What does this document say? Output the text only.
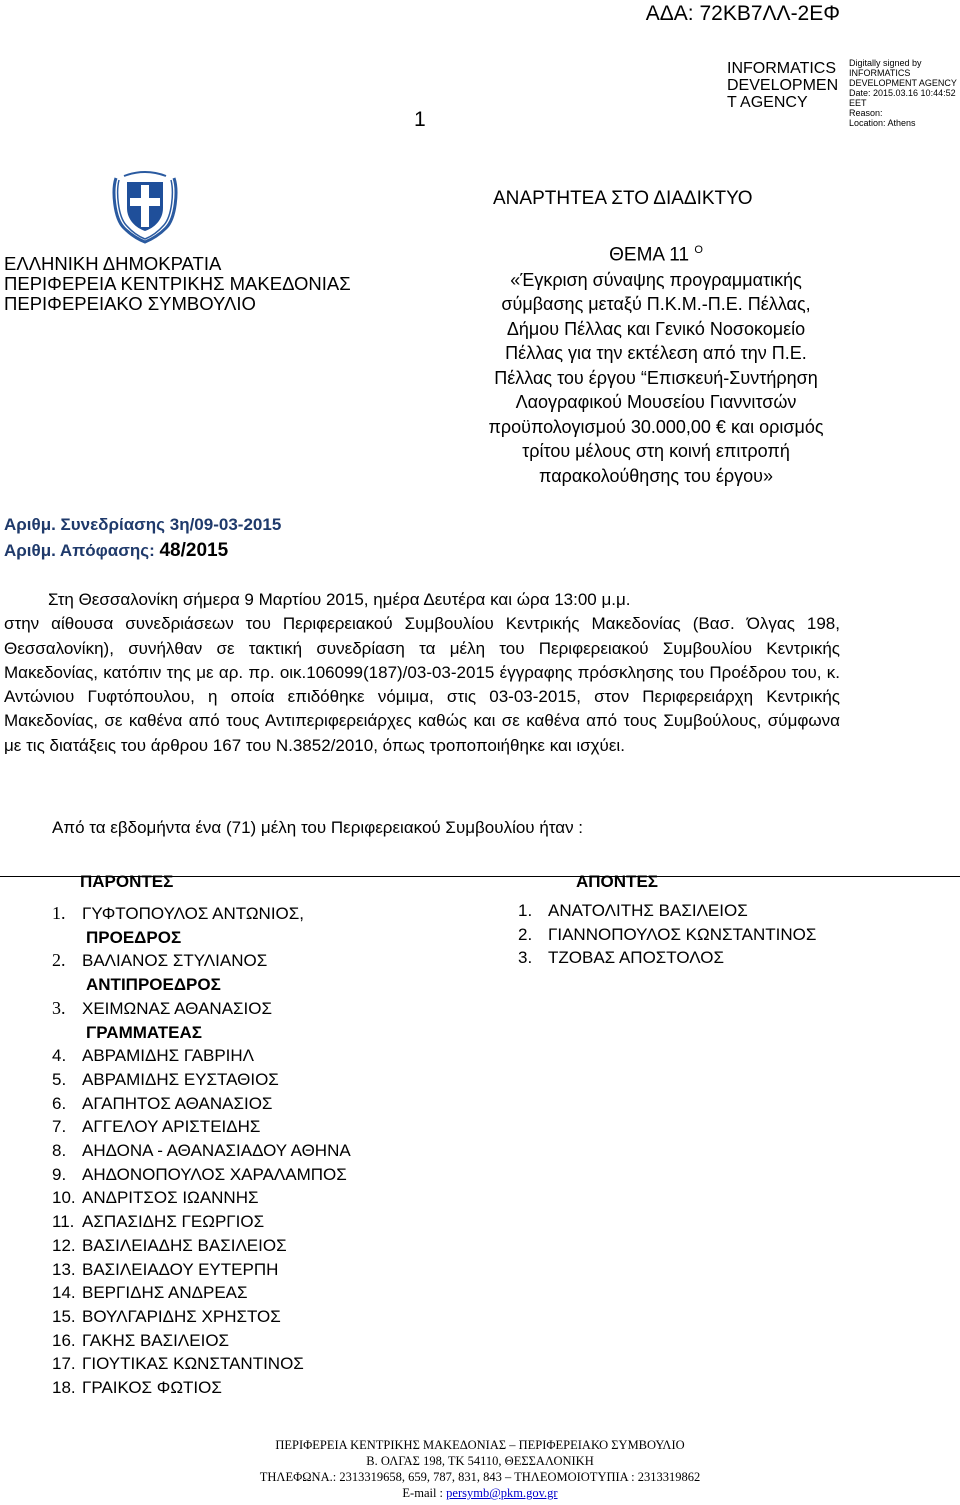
ΑΔΑ: 72ΚΒ7ΛΛ-2ΕΦ
1
INFORMATICS DEVELOPMEN T AGENCY
Digitally signed by
INFORMATICS
DEVELOPMENT AGENCY
Date: 2015.03.16 10:44:52
EET
Reason:
Location: Athens
ΕΛΛΗΝΙΚΗ ΔΗΜΟΚΡΑΤΙΑ
ΠΕΡΙΦΕΡΕΙΑ ΚΕΝΤΡΙΚΗΣ ΜΑΚΕΔΟΝΙΑΣ
ΠΕΡΙΦΕΡΕΙΑΚΟ ΣΥΜΒΟΥΛΙΟ
ΑΝΑΡΤΗΤΕΑ ΣΤΟ ΔΙΑΔΙΚΤΥΟ
ΘΕΜΑ 11 $^O$
«Έγκριση σύναψης προγραμματικής
σύμβασης μεταξύ Π.Κ.Μ.-Π.Ε. Πέλλας,
Δήμου Πέλλας και Γενικό Νοσοκομείο
Πέλλας για την εκτέλεση από την Π.Ε.
Πέλλας του έργου “Επισκευή-Συντήρηση
Λαογραφικού Μουσείου Γιαννιτσών
προϋπολογισμού 30.000,00 € και ορισμός
τρίτου μέλους στη κοινή επιτροπή
παρακολούθησης του έργου»
Αριθμ. Συνεδρίασης 3η/09-03-2015
Αριθμ. Απόφασης: 48/2015
Στη Θεσσαλονίκη σήμερα 9 Μαρτίου 2015, ημέρα Δευτέρα και ώρα 13:00 μ.μ.
στην αίθουσα συνεδριάσεων του Περιφερειακού Συμβουλίου Κεντρικής Μακεδονίας (Βασ. Όλγας 198, Θεσσαλονίκη), συνήλθαν σε τακτική συνεδρίαση τα μέλη του Περιφερειακού Συμβουλίου Κεντρικής Μακεδονίας, κατόπιν της με αρ. πρ. οικ.106099(187)/03-03-2015 έγγραφης πρόσκλησης του Προέδρου του, κ. Αντώνιου Γυφτόπουλου, η οποία επιδόθηκε νόμιμα, στις 03-03-2015, στον Περιφερειάρχη Κεντρικής Μακεδονίας, σε καθένα από τους Αντιπεριφερειάρχες καθώς και σε καθένα από τους Συμβούλους, σύμφωνα με τις διατάξεις του άρθρου 167 του Ν.3852/2010, όπως τροποποιήθηκε και ισχύει.
Από τα εβδομήντα ένα (71) μέλη του Περιφερειακού Συμβουλίου ήταν :
ΠΑΡΟΝΤΕΣ	ΑΠΟΝΤΕΣ
1. ΓΥΦΤΟΠΟΥΛΟΣ ΑΝΤΩΝΙΟΣ,
ΠΡΟΕΔΡΟΣ
2. ΒΑΛΙΑΝΟΣ ΣΤΥΛΙΑΝΟΣ
ΑΝΤΙΠΡΟΕΔΡΟΣ
3. ΧΕΙΜΩΝΑΣ ΑΘΑΝΑΣΙΟΣ
ΓΡΑΜΜΑΤΕΑΣ
4. ΑΒΡΑΜΙΔΗΣ ΓΑΒΡΙΗΛ
5. ΑΒΡΑΜΙΔΗΣ ΕΥΣΤΑΘΙΟΣ
6. ΑΓΑΠΗΤΟΣ ΑΘΑΝΑΣΙΟΣ
7. ΑΓΓΕΛΟΥ ΑΡΙΣΤΕΙΔΗΣ
8. ΑΗΔΟΝΑ - ΑΘΑΝΑΣΙΑΔΟΥ ΑΘΗΝΑ
9. ΑΗΔΟΝΟΠΟΥΛΟΣ ΧΑΡΑΛΑΜΠΟΣ
10. ΑΝΔΡΙΤΣΟΣ ΙΩΑΝΝΗΣ
11. ΑΣΠΑΣΙΔΗΣ ΓΕΩΡΓΙΟΣ
12. ΒΑΣΙΛΕΙΑΔΗΣ ΒΑΣΙΛΕΙΟΣ
13. ΒΑΣΙΛΕΙΑΔΟΥ ΕΥΤΕΡΠΗ
14. ΒΕΡΓΙΔΗΣ ΑΝΔΡΕΑΣ
15. ΒΟΥΛΓΑΡΙΔΗΣ ΧΡΗΣΤΟΣ
16. ΓΑΚΗΣ ΒΑΣΙΛΕΙΟΣ
17. ΓΙΟΥΤΙΚΑΣ ΚΩΝΣΤΑΝΤΙΝΟΣ
18. ΓΡΑΙΚΟΣ ΦΩΤΙΟΣ
1. ΑΝΑΤΟΛΙΤΗΣ ΒΑΣΙΛΕΙΟΣ
2. ΓΙΑΝΝΟΠΟΥΛΟΣ ΚΩΝΣΤΑΝΤΙΝΟΣ
3. ΤΖΟΒΑΣ ΑΠΟΣΤΟΛΟΣ
ΠΕΡΙΦΕΡΕΙΑ ΚΕΝΤΡΙΚΗΣ ΜΑΚΕΔΟΝΙΑΣ – ΠΕΡΙΦΕΡΕΙΑΚΟ ΣΥΜΒΟΥΛΙΟ
Β. ΟΛΓΑΣ 198, ΤΚ 54110, ΘΕΣΣΑΛΟΝΙΚΗ
ΤΗΛΕΦΩΝΑ.: 2313319658, 659, 787, 831, 843 – ΤΗΛΕΟΜΟΙΟΤΥΠΙΑ : 2313319862
E-mail : persymb@pkm.gov.gr
